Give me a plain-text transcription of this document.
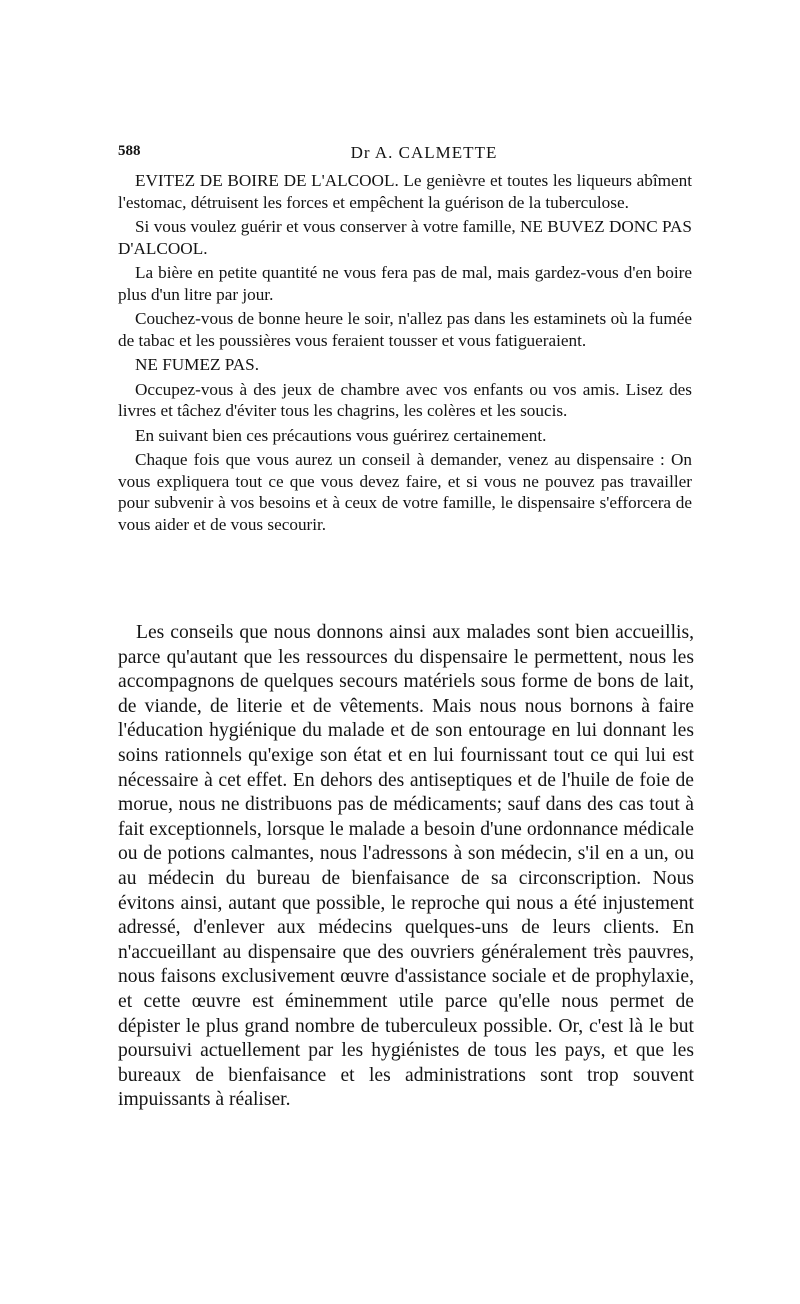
588	Dr A. CALMETTE

EVITEZ DE BOIRE DE L'ALCOOL. Le genièvre et toutes les liqueurs abîment l'estomac, détruisent les forces et empêchent la guérison de la tuberculose.

Si vous voulez guérir et vous conserver à votre famille, NE BUVEZ DONC PAS D'ALCOOL.

La bière en petite quantité ne vous fera pas de mal, mais gardez-vous d'en boire plus d'un litre par jour.

Couchez-vous de bonne heure le soir, n'allez pas dans les estaminets où la fumée de tabac et les poussières vous feraient tousser et vous fatigueraient.

NE FUMEZ PAS.

Occupez-vous à des jeux de chambre avec vos enfants ou vos amis. Lisez des livres et tâchez d'éviter tous les chagrins, les colères et les soucis.

En suivant bien ces précautions vous guérirez certainement.

Chaque fois que vous aurez un conseil à demander, venez au dispensaire : On vous expliquera tout ce que vous devez faire, et si vous ne pouvez pas travailler pour subvenir à vos besoins et à ceux de votre famille, le dispensaire s'efforcera de vous aider et de vous secourir.

Les conseils que nous donnons ainsi aux malades sont bien accueillis, parce qu'autant que les ressources du dispensaire le permettent, nous les accompagnons de quelques secours matériels sous forme de bons de lait, de viande, de literie et de vêtements. Mais nous nous bornons à faire l'éducation hygiénique du malade et de son entourage en lui donnant les soins rationnels qu'exige son état et en lui fournissant tout ce qui lui est nécessaire à cet effet. En dehors des antiseptiques et de l'huile de foie de morue, nous ne distribuons pas de médicaments; sauf dans des cas tout à fait exceptionnels, lorsque le malade a besoin d'une ordonnance médicale ou de potions calmantes, nous l'adressons à son médecin, s'il en a un, ou au médecin du bureau de bienfaisance de sa circonscription. Nous évitons ainsi, autant que possible, le reproche qui nous a été injustement adressé, d'enlever aux médecins quelques-uns de leurs clients. En n'accueillant au dispensaire que des ouvriers généralement très pauvres, nous faisons exclusivement œuvre d'assistance sociale et de prophylaxie, et cette œuvre est éminemment utile parce qu'elle nous permet de dépister le plus grand nombre de tuberculeux possible. Or, c'est là le but poursuivi actuellement par les hygiénistes de tous les pays, et que les bureaux de bienfaisance et les administrations sont trop souvent impuissants à réaliser.
